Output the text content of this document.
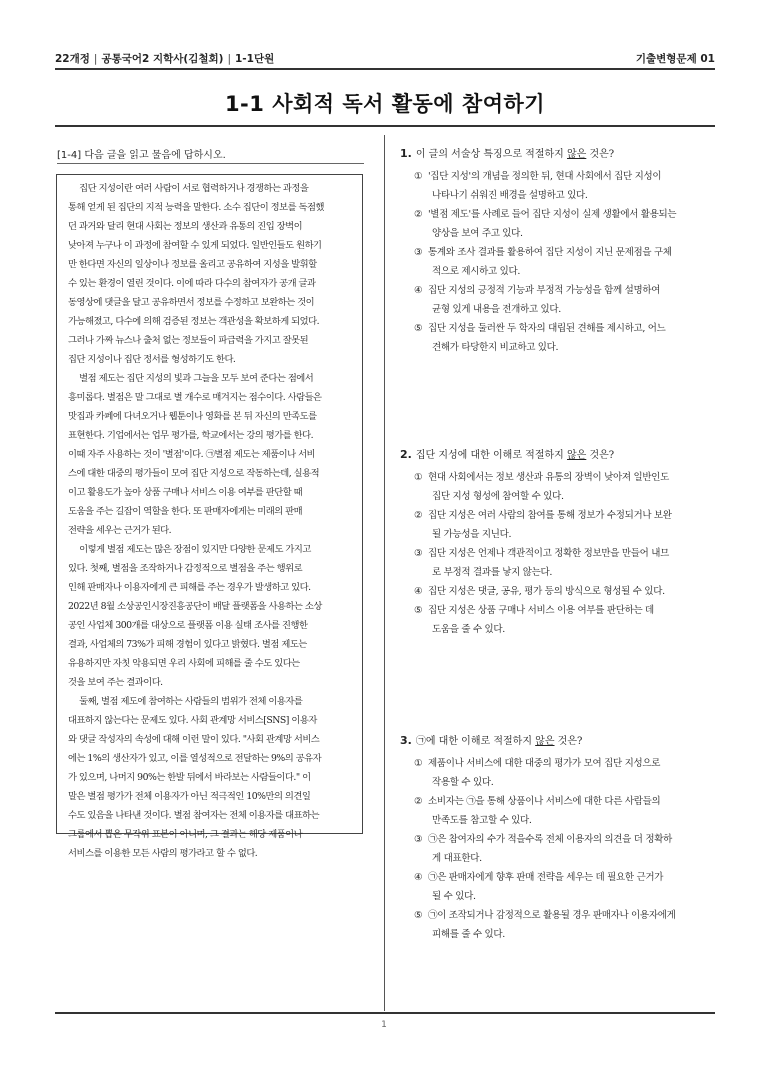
22개정 | 공통국어2 지학사(김철회) | 1-1단원	기출변형문제 01
1-1 사회적 독서 활동에 참여하기
[1-4] 다음 글을 읽고 물음에 답하시오.

집단 지성이란 여러 사람이 서로 협력하거나 경쟁하는 과정을
통해 얻게 된 집단의 지적 능력을 말한다. 소수 집단이 정보를 독점했
던 과거와 달리 현대 사회는 정보의 생산과 유통의 진입 장벽이
낮아져 누구나 이 과정에 참여할 수 있게 되었다. 일반인들도 원하기
만 한다면 자신의 일상이나 정보를 올리고 공유하여 지성을 발휘할
수 있는 환경이 열린 것이다. 이에 따라 다수의 참여자가 공개 글과
동영상에 댓글을 달고 공유하면서 정보를 수정하고 보완하는 것이
가능해졌고, 다수에 의해 검증된 정보는 객관성을 확보하게 되었다.
그러나 가짜 뉴스나 출처 없는 정보들이 파급력을 가지고 잘못된
집단 지성이나 집단 정서를 형성하기도 한다.

별점 제도는 집단 지성의 빛과 그늘을 모두 보여 준다는 점에서
흥미롭다. 별점은 말 그대로 별 개수로 매겨지는 점수이다. 사람들은
맛집과 카페에 다녀오거나 웹툰이나 영화를 본 뒤 자신의 만족도를
표현한다. 기업에서는 업무 평가를, 학교에서는 강의 평가를 한다.
이때 자주 사용하는 것이 '별점'이다. ㉠별점 제도는 제품이나 서비
스에 대한 대중의 평가들이 모여 집단 지성으로 작동하는데, 실용적
이고 활용도가 높아 상품 구매나 서비스 이용 여부를 판단할 때
도움을 주는 길잡이 역할을 한다. 또 판매자에게는 미래의 판매
전략을 세우는 근거가 된다.

이렇게 별점 제도는 많은 장점이 있지만 다양한 문제도 가지고
있다. 첫째, 별점을 조작하거나 감정적으로 별점을 주는 행위로
인해 판매자나 이용자에게 큰 피해를 주는 경우가 발생하고 있다.
2022년 8월 소상공인시장진흥공단이 배달 플랫폼을 사용하는 소상
공인 사업체 300개를 대상으로 플랫폼 이용 실태 조사를 진행한
결과, 사업체의 73%가 피해 경험이 있다고 밝혔다. 별점 제도는
유용하지만 자칫 악용되면 우리 사회에 피해를 줄 수도 있다는
것을 보여 주는 결과이다.

둘째, 별점 제도에 참여하는 사람들의 범위가 전체 이용자를
대표하지 않는다는 문제도 있다. 사회 관계망 서비스[SNS] 이용자
와 댓글 작성자의 속성에 대해 이런 말이 있다. "사회 관계망 서비스
에는 1%의 생산자가 있고, 이를 열성적으로 전달하는 9%의 공유자
가 있으며, 나머지 90%는 한발 뒤에서 바라보는 사람들이다." 이
말은 별점 평가가 전체 이용자가 아닌 적극적인 10%만의 의견일
수도 있음을 나타낸 것이다. 별점 참여자는 전체 이용자를 대표하는
그룹에서 뽑은 무작위 표본이 아니며, 그 결과는 해당 제품이나
서비스를 이용한 모든 사람의 평가라고 할 수 없다.

1. 이 글의 서술상 특징으로 적절하지 않은 것은?
① '집단 지성'의 개념을 정의한 뒤, 현대 사회에서 집단 지성이
나타나기 쉬워진 배경을 설명하고 있다.
② '별점 제도'를 사례로 들어 집단 지성이 실제 생활에서 활용되는
양상을 보여 주고 있다.
③ 통계와 조사 결과를 활용하여 집단 지성이 지닌 문제점을 구체
적으로 제시하고 있다.
④ 집단 지성의 긍정적 기능과 부정적 가능성을 함께 설명하여
균형 있게 내용을 전개하고 있다.
⑤ 집단 지성을 둘러싼 두 학자의 대립된 견해를 제시하고, 어느
견해가 타당한지 비교하고 있다.
2. 집단 지성에 대한 이해로 적절하지 않은 것은?
① 현대 사회에서는 정보 생산과 유통의 장벽이 낮아져 일반인도
집단 지성 형성에 참여할 수 있다.
② 집단 지성은 여러 사람의 참여를 통해 정보가 수정되거나 보완
될 가능성을 지닌다.
③ 집단 지성은 언제나 객관적이고 정확한 정보만을 만들어 내므
로 부정적 결과를 낳지 않는다.
④ 집단 지성은 댓글, 공유, 평가 등의 방식으로 형성될 수 있다.
⑤ 집단 지성은 상품 구매나 서비스 이용 여부를 판단하는 데
도움을 줄 수 있다.
3. ㉠에 대한 이해로 적절하지 않은 것은?
① 제품이나 서비스에 대한 대중의 평가가 모여 집단 지성으로
작용할 수 있다.
② 소비자는 ㉠을 통해 상품이나 서비스에 대한 다른 사람들의
만족도를 참고할 수 있다.
③ ㉠은 참여자의 수가 적을수록 전체 이용자의 의견을 더 정확하
게 대표한다.
④ ㉠은 판매자에게 향후 판매 전략을 세우는 데 필요한 근거가
될 수 있다.
⑤ ㉠이 조작되거나 감정적으로 활용될 경우 판매자나 이용자에게
피해를 줄 수 있다.
1
